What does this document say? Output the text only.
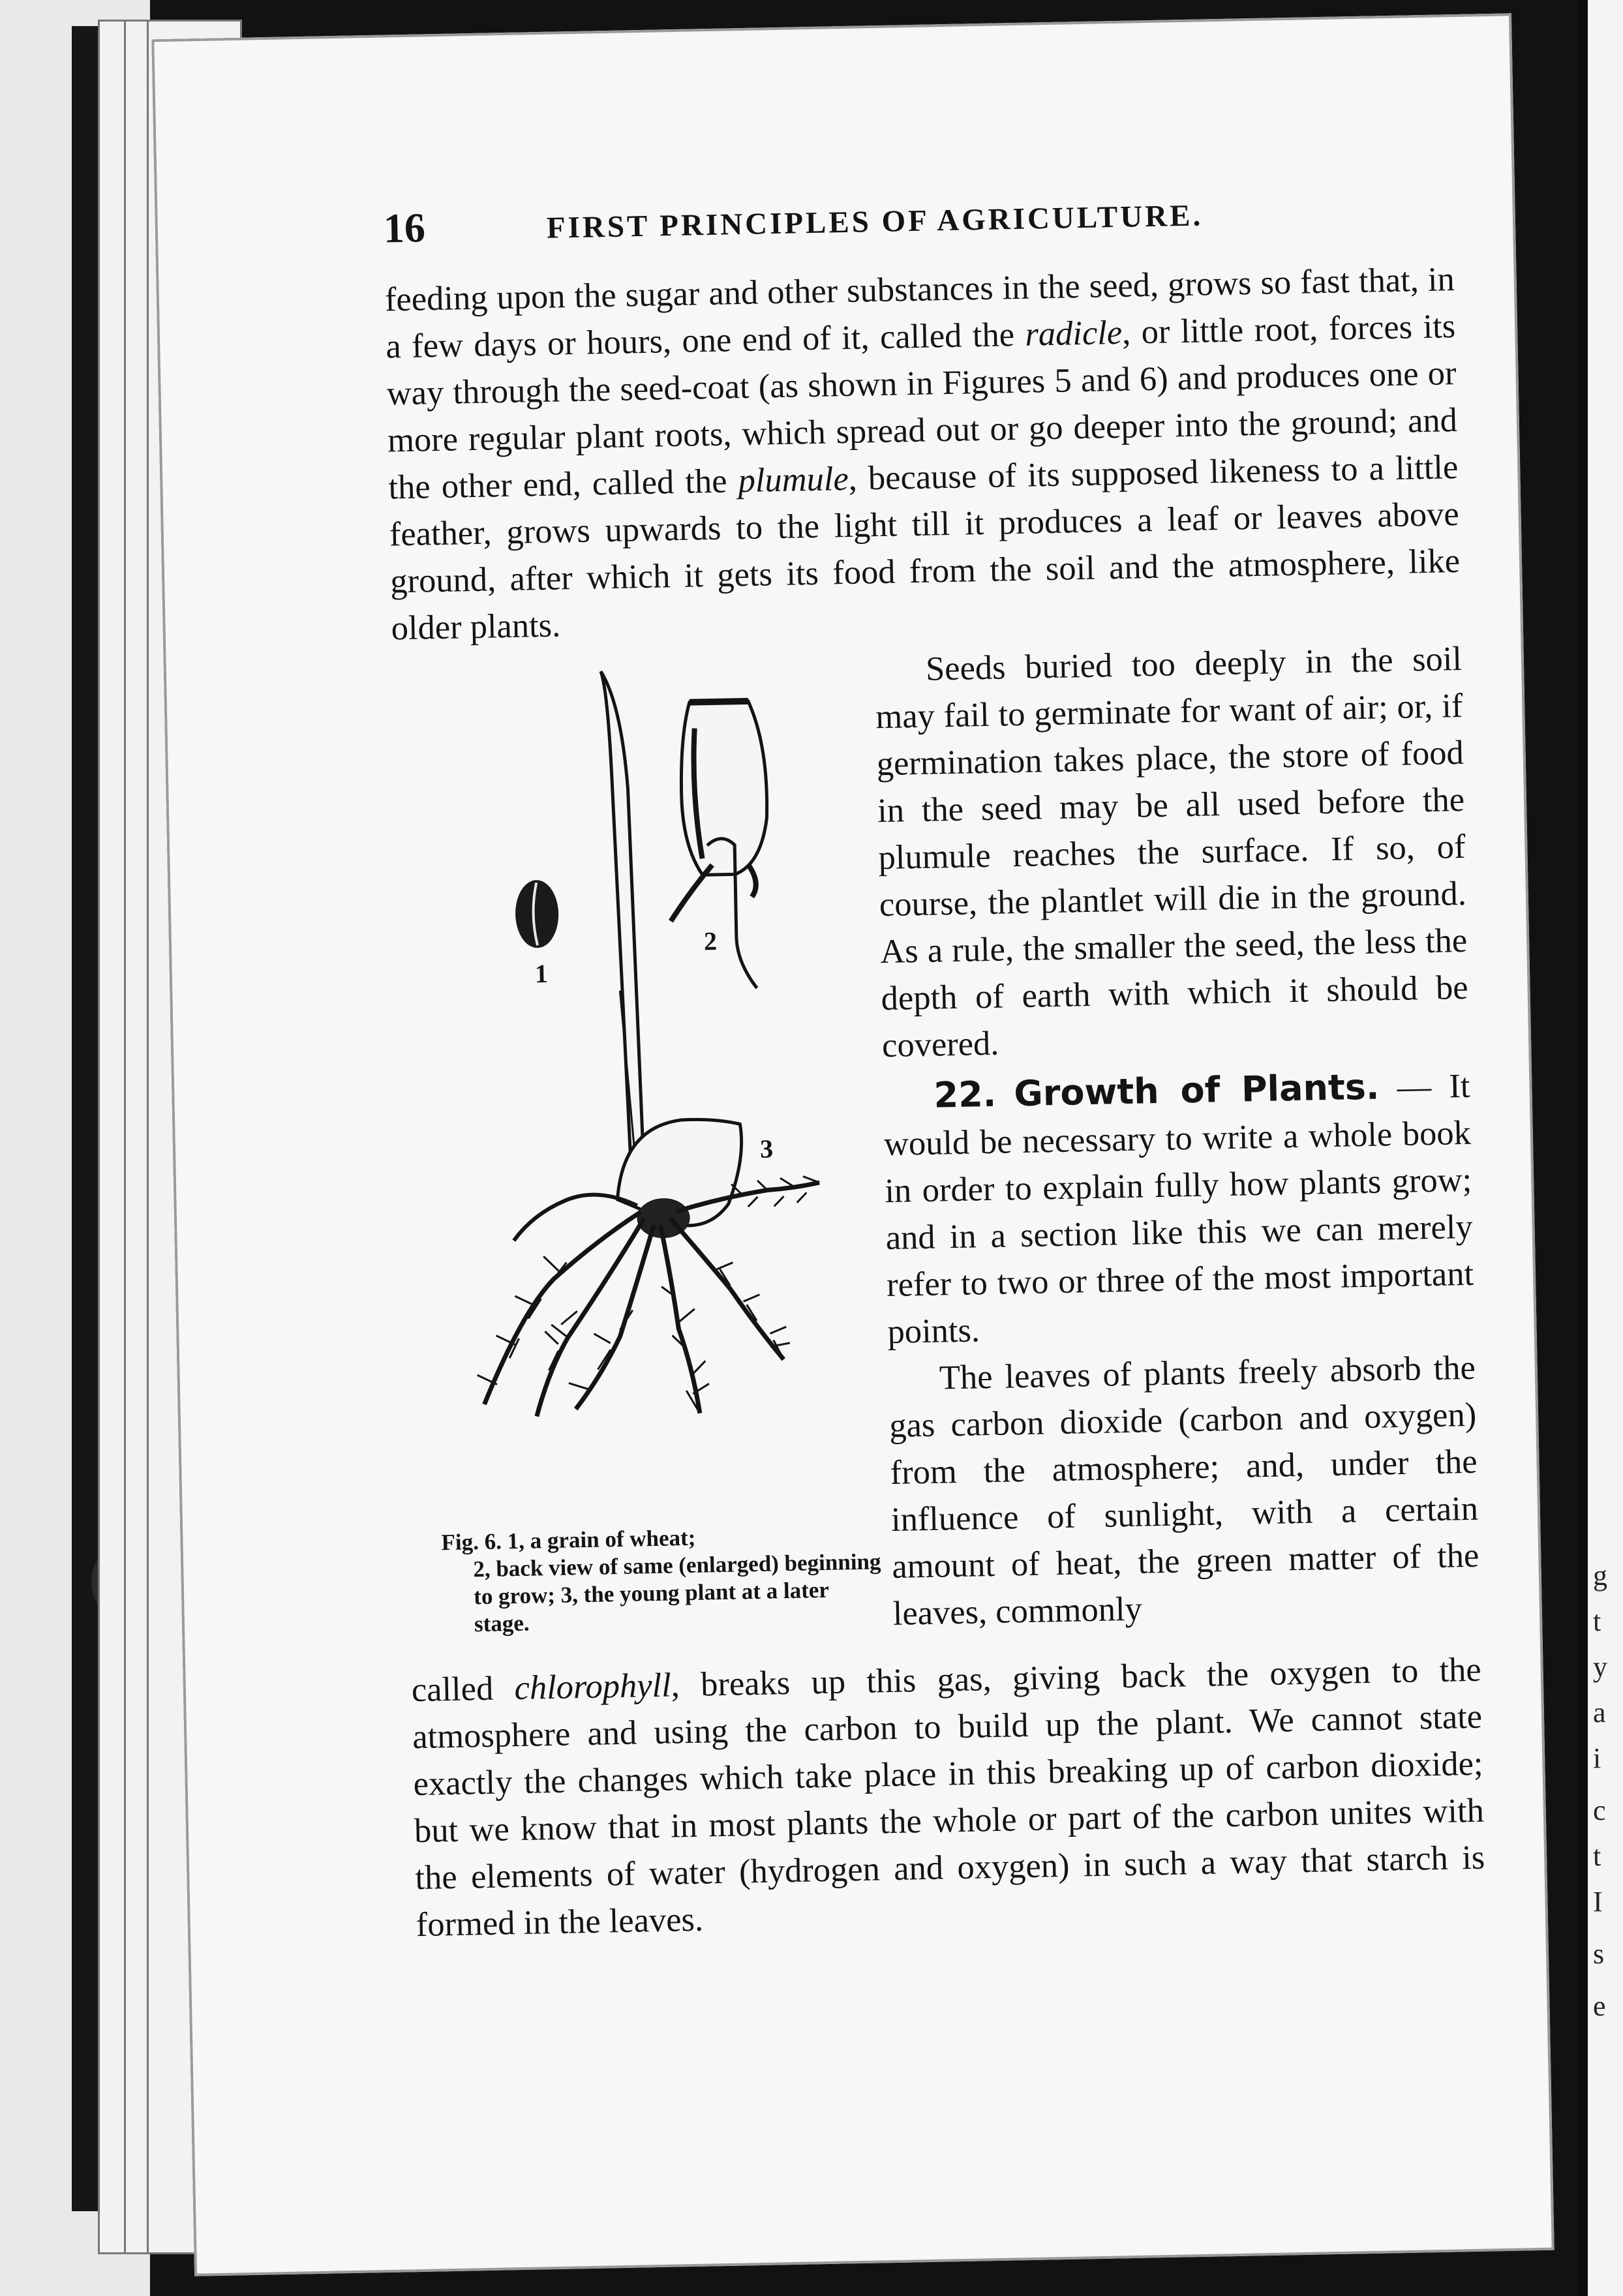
g
t
y
a
i
c
t
I
s
e
16	FIRST PRINCIPLES OF AGRICULTURE.

feeding upon the sugar and other substances in the seed, grows so fast that, in a few days or hours, one end of it, called the radicle, or little root, forces its way through the seed-coat (as shown in Figures 5 and 6) and produces one or more regular plant roots, which spread out or go deeper into the ground; and the other end, called the plumule, because of its supposed likeness to a little feather, grows upwards to the light till it produces a leaf or leaves above ground, after which it gets its food from the soil and the atmosphere, like older plants.

1
2
3
Fig. 6. 1, a grain of wheat;
2, back view of same (enlarged) beginning to grow; 3, the young plant at a later stage.

Seeds buried too deeply in the soil may fail to germinate for want of air; or, if germination takes place, the store of food in the seed may be all used before the plumule reaches the surface. If so, of course, the plantlet will die in the ground. As a rule, the smaller the seed, the less the depth of earth with which it should be covered.

22. Growth of Plants. — It would be necessary to write a whole book in order to explain fully how plants grow; and in a section like this we can merely refer to two or three of the most important points.

The leaves of plants freely absorb the gas carbon dioxide (carbon and oxygen) from the atmosphere; and, under the influence of sunlight, with a certain amount of heat, the green matter of the leaves, commonly

called chlorophyll, breaks up this gas, giving back the oxygen to the atmosphere and using the carbon to build up the plant. We cannot state exactly the changes which take place in this breaking up of carbon dioxide; but we know that in most plants the whole or part of the carbon unites with the elements of water (hydrogen and oxygen) in such a way that starch is formed in the leaves.
